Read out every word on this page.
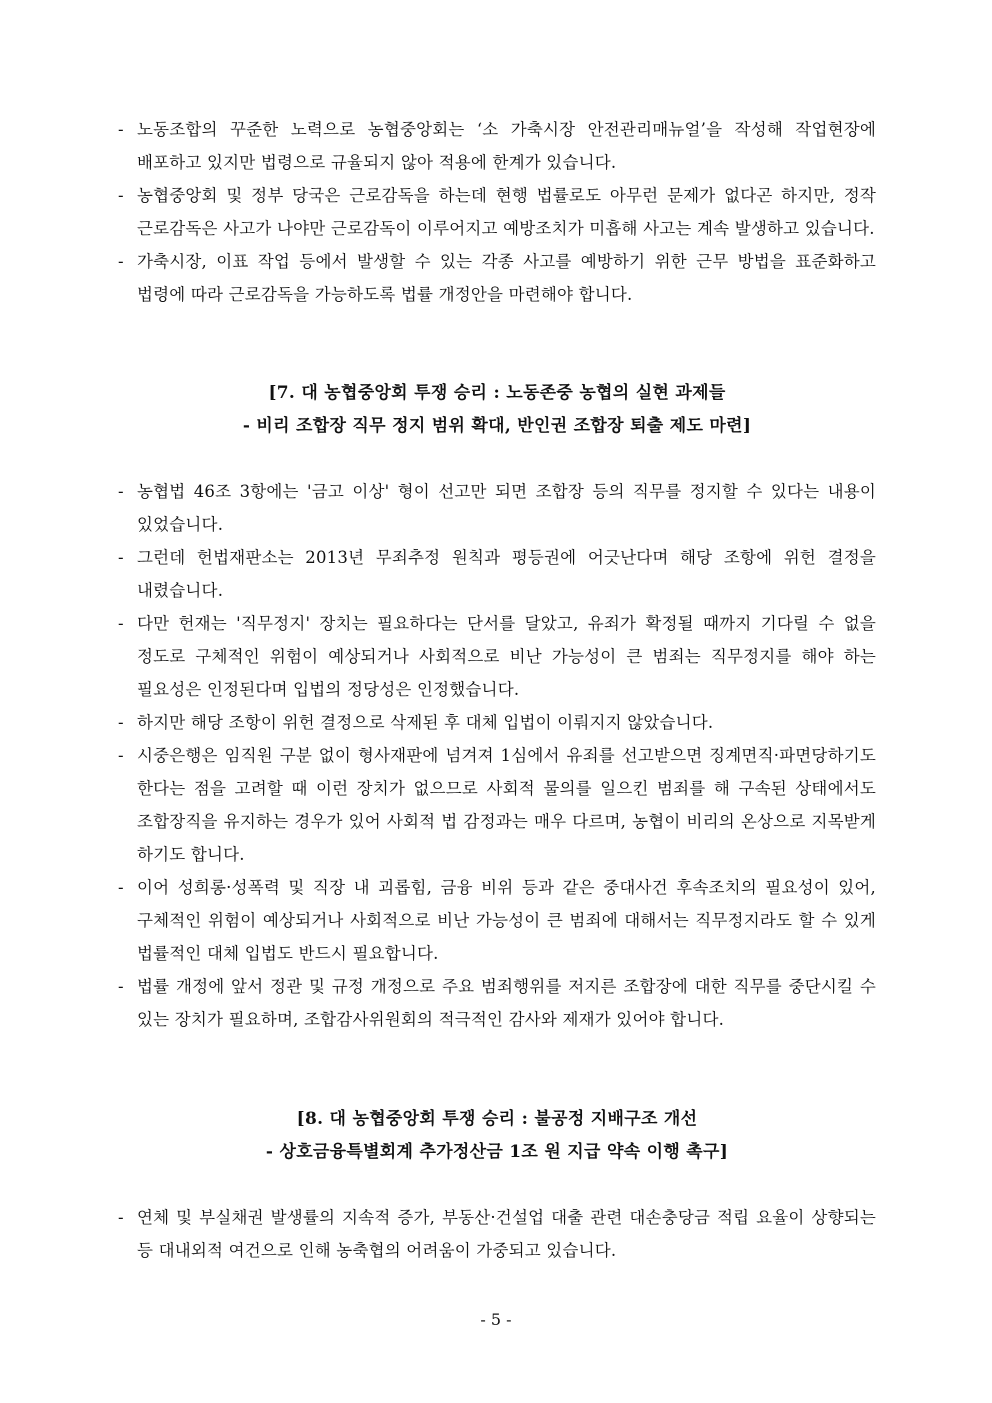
- 노동조합의 꾸준한 노력으로 농협중앙회는 ‘소 가축시장 안전관리매뉴얼’을 작성해 작업현장에 배포하고 있지만 법령으로 규율되지 않아 적용에 한계가 있습니다.
- 농협중앙회 및 정부 당국은 근로감독을 하는데 현행 법률로도 아무런 문제가 없다곤 하지만, 정작 근로감독은 사고가 나야만 근로감독이 이루어지고 예방조치가 미흡해 사고는 계속 발생하고 있습니다.
- 가축시장, 이표 작업 등에서 발생할 수 있는 각종 사고를 예방하기 위한 근무 방법을 표준화하고 법령에 따라 근로감독을 가능하도록 법률 개정안을 마련해야 합니다.
[7. 대 농협중앙회 투쟁 승리 : 노동존중 농협의 실현 과제들
- 비리 조합장 직무 정지 범위 확대, 반인권 조합장 퇴출 제도 마련]
- 농협법 46조 3항에는 '금고 이상' 형이 선고만 되면 조합장 등의 직무를 정지할 수 있다는 내용이 있었습니다.
- 그런데 헌법재판소는 2013년 무죄추정 원칙과 평등권에 어긋난다며 해당 조항에 위헌 결정을 내렸습니다.
- 다만 헌재는 '직무정지' 장치는 필요하다는 단서를 달았고, 유죄가 확정될 때까지 기다릴 수 없을 정도로 구체적인 위험이 예상되거나 사회적으로 비난 가능성이 큰 범죄는 직무정지를 해야 하는 필요성은 인정된다며 입법의 정당성은 인정했습니다.
- 하지만 해당 조항이 위헌 결정으로 삭제된 후 대체 입법이 이뤄지지 않았습니다.
- 시중은행은 임직원 구분 없이 형사재판에 넘겨져 1심에서 유죄를 선고받으면 징계면직·파면당하기도 한다는 점을 고려할 때 이런 장치가 없으므로 사회적 물의를 일으킨 범죄를 해 구속된 상태에서도 조합장직을 유지하는 경우가 있어 사회적 법 감정과는 매우 다르며, 농협이 비리의 온상으로 지목받게 하기도 합니다.
- 이어 성희롱·성폭력 및 직장 내 괴롭힘, 금융 비위 등과 같은 중대사건 후속조치의 필요성이 있어, 구체적인 위험이 예상되거나 사회적으로 비난 가능성이 큰 범죄에 대해서는 직무정지라도 할 수 있게 법률적인 대체 입법도 반드시 필요합니다.
- 법률 개정에 앞서 정관 및 규정 개정으로 주요 범죄행위를 저지른 조합장에 대한 직무를 중단시킬 수 있는 장치가 필요하며, 조합감사위원회의 적극적인 감사와 제재가 있어야 합니다.
[8. 대 농협중앙회 투쟁 승리 : 불공정 지배구조 개선
- 상호금융특별회계 추가정산금 1조 원 지급 약속 이행 촉구]
- 연체 및 부실채권 발생률의 지속적 증가, 부동산·건설업 대출 관련 대손충당금 적립 요율이 상향되는 등 대내외적 여건으로 인해 농축협의 어려움이 가중되고 있습니다.
- 5 -
